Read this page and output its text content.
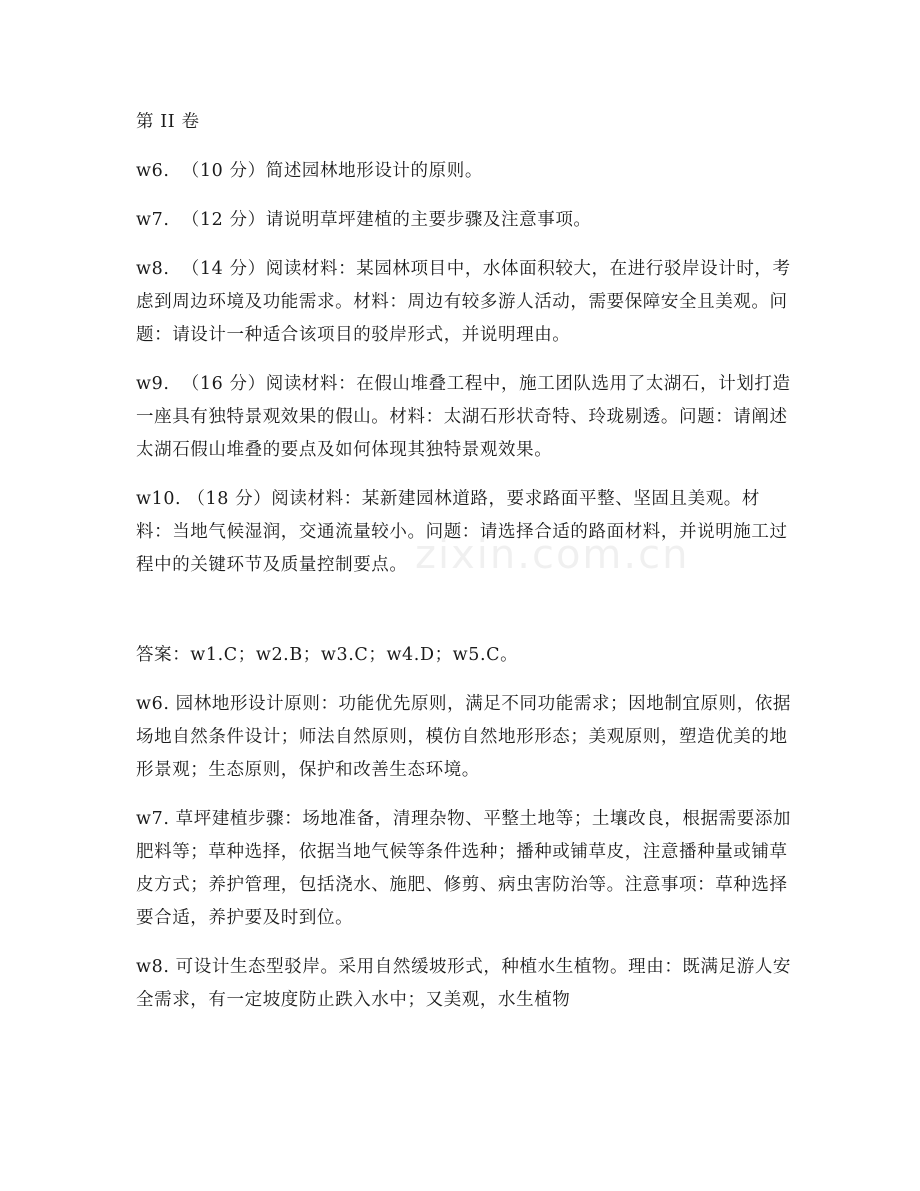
第 II 卷

w6.  （10 分）简述园林地形设计的原则。

w7.  （12 分）请说明草坪建植的主要步骤及注意事项。

w8.  （14 分）阅读材料：某园林项目中，水体面积较大，在进行驳岸设计时，考虑到周边环境及功能需求。材料：周边有较多游人活动，需要保障安全且美观。问题：请设计一种适合该项目的驳岸形式，并说明理由。

w9.  （16 分）阅读材料：在假山堆叠工程中，施工团队选用了太湖石，计划打造一座具有独特景观效果的假山。材料：太湖石形状奇特、玲珑剔透。问题：请阐述太湖石假山堆叠的要点及如何体现其独特景观效果。

w10. （18 分）阅读材料：某新建园林道路，要求路面平整、坚固且美观。材料：当地气候湿润，交通流量较小。问题：请选择合适的路面材料，并说明施工过程中的关键环节及质量控制要点。

答案：w1.C；w2.B；w3.C；w4.D；w5.C。

w6. 园林地形设计原则：功能优先原则，满足不同功能需求；因地制宜原则，依据场地自然条件设计；师法自然原则，模仿自然地形形态；美观原则，塑造优美的地形景观；生态原则，保护和改善生态环境。

w7. 草坪建植步骤：场地准备，清理杂物、平整土地等；土壤改良，根据需要添加肥料等；草种选择，依据当地气候等条件选种；播种或铺草皮，注意播种量或铺草皮方式；养护管理，包括浇水、施肥、修剪、病虫害防治等。注意事项：草种选择要合适，养护要及时到位。

w8. 可设计生态型驳岸。采用自然缓坡形式，种植水生植物。理由：既满足游人安全需求，有一定坡度防止跌入水中；又美观，水生植物

zixin.com.cn
